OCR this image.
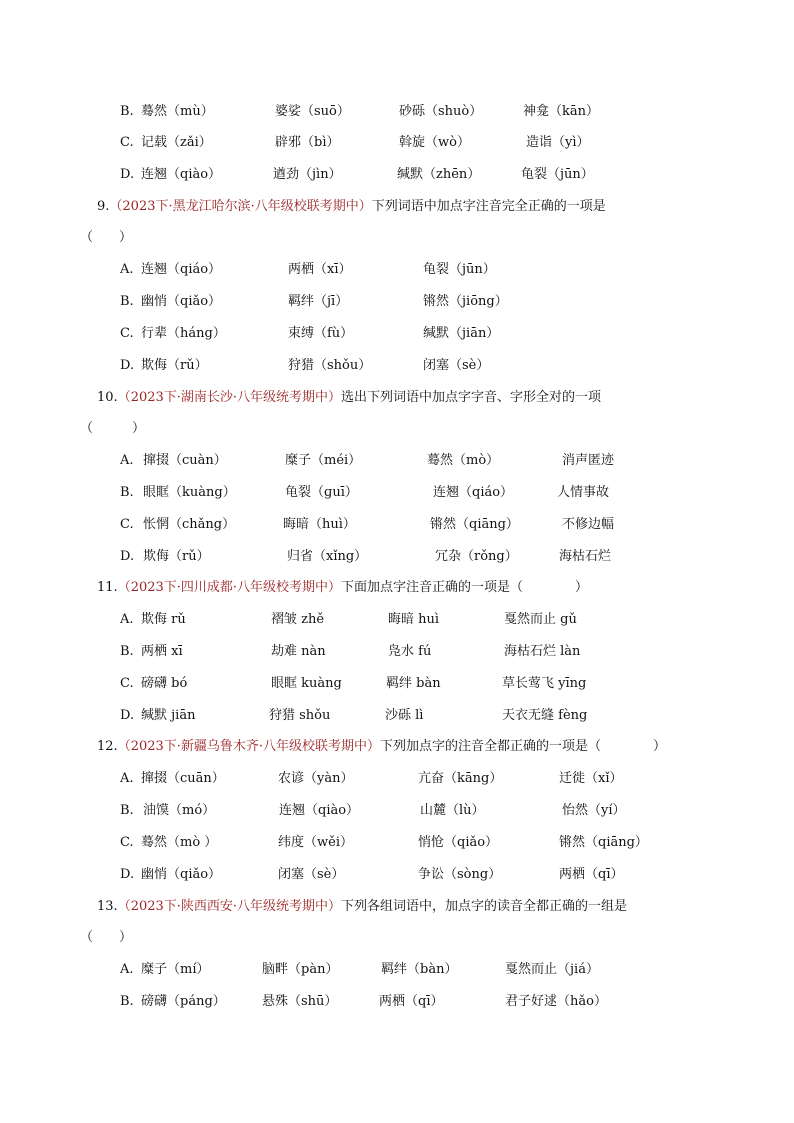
B. 蓦然（mù）	婆娑（suō）	砂砾（shuò）	神龛（kān）
C. 记载（zǎi）	辟邪（bì）	斡旋（wò）	造诣（yì）
D. 连翘（qiào）	遒劲（jìn）	缄默（zhēn）	龟裂（jūn）
9.（2023下·黑龙江哈尔滨·八年级校联考期中）下列词语中加点字注音完全正确的一项是
（　　）
A. 连翘（qiáo）	两栖（xī）	龟裂（jūn）
B. 幽悄（qiǎo）	羁绊（jī）	锵然（jiōng）
C. 行辈（háng）	束缚（fù）	缄默（jiān）
D. 欺侮（rǔ）	狩猎（shǒu）	闭塞（sè）
10.（2023下·湖南长沙·八年级统考期中）选出下列词语中加点字字音、字形全对的一项
（　　　）
A. 撺掇（cuàn）	糜子（méi）	蓦然（mò）	消声匿迹
B. 眼眶（kuàng）	龟裂（ɡuī）	连翘（qiáo）	人情事故
C. 怅惘（chǎng）	晦暗（huì）	锵然（qiāng）	不修边幅
D. 欺侮（rǔ）	归省（xǐng）	冗杂（rǒng）	海枯石烂
11.（2023下·四川成都·八年级校考期中）下面加点字注音正确的一项是（　　　　）
A. 欺侮 rǔ	褶皱 zhě	晦暗 huì	戛然而止 gǔ
B. 两栖 xī	劫难 nàn	凫水 fú	海枯石烂 làn
C. 磅礴 bó	眼眶 kuàng	羁绊 bàn	草长莺飞 yīng
D. 缄默 jiān	狩猎 shǒu	沙砾 lì	天衣无缝 fèng
12.（2023下·新疆乌鲁木齐·八年级校联考期中）下列加点字的注音全都正确的一项是（　　　　）
A. 撺掇（cuān）	农谚（yàn）	亢奋（kāng）	迁徙（xǐ）
B. 油馍（mó）	连翘（qiào）	山麓（lù）	怡然（yí）
C. 蓦然（mò ）	纬度（wěi）	悄怆（qiǎo）	锵然（qiāng）
D. 幽悄（qiǎo）	闭塞（sè）	争讼（sòng）	两栖（qī）
13.（2023下·陕西西安·八年级统考期中）下列各组词语中，加点字的读音全都正确的一组是
（　　）
A. 糜子（mí）	脑畔（pàn）	羁绊（bàn）	戛然而止（jiá）
B. 磅礴（páng）	悬殊（shū）	两栖（qī）	君子好逑（hǎo）
